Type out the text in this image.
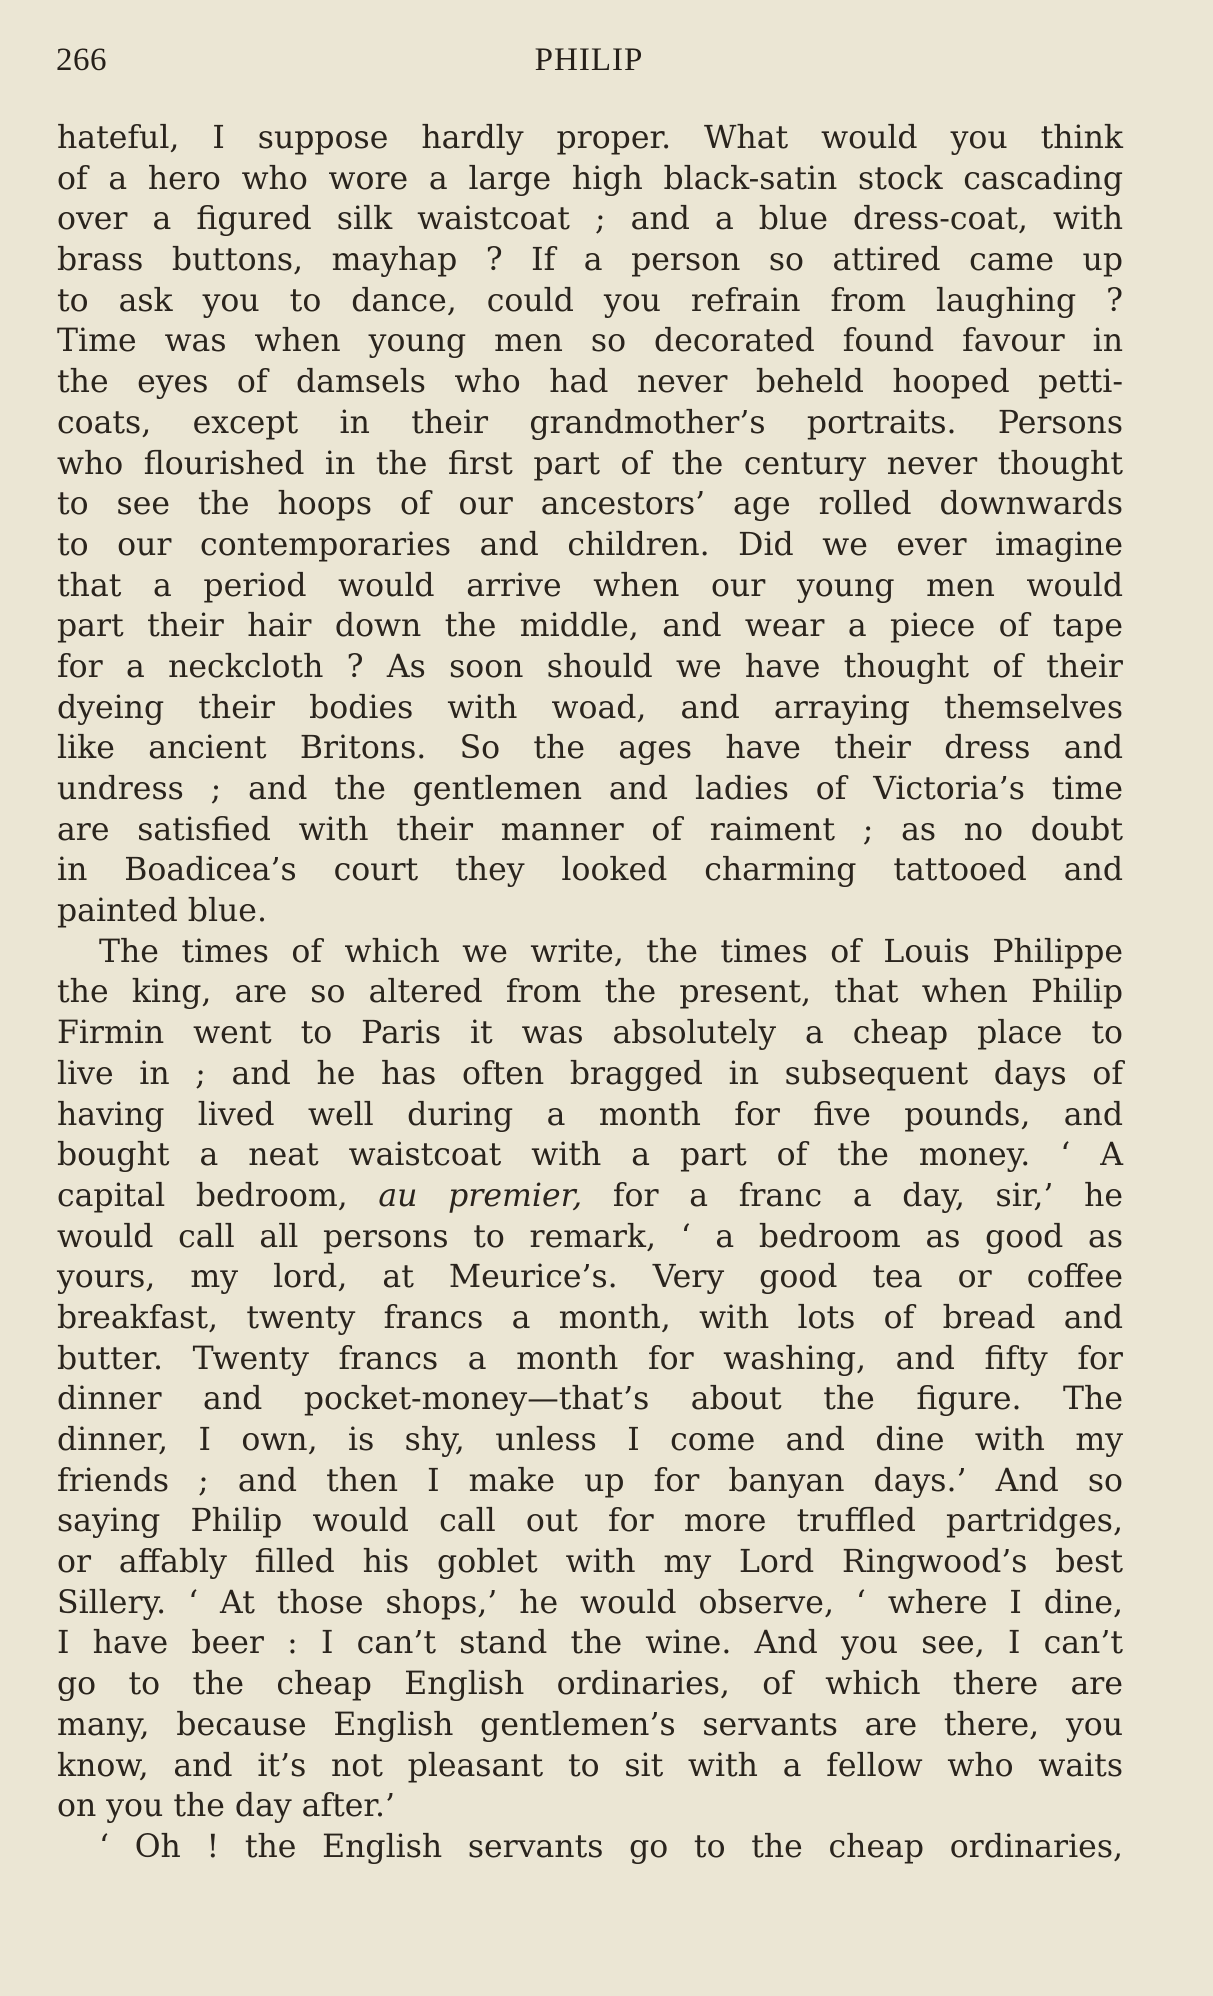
266	PHILIP
hateful, I suppose hardly proper. What would you think
of a hero who wore a large high black-satin stock cascading
over a figured silk waistcoat ; and a blue dress-coat, with
brass buttons, mayhap ? If a person so attired came up
to ask you to dance, could you refrain from laughing ?
Time was when young men so decorated found favour in
the eyes of damsels who had never beheld hooped petti-
coats, except in their grandmother’s portraits. Persons
who flourished in the first part of the century never thought
to see the hoops of our ancestors’ age rolled downwards
to our contemporaries and children. Did we ever imagine
that a period would arrive when our young men would
part their hair down the middle, and wear a piece of tape
for a neckcloth ? As soon should we have thought of their
dyeing their bodies with woad, and arraying themselves
like ancient Britons. So the ages have their dress and
undress ; and the gentlemen and ladies of Victoria’s time
are satisfied with their manner of raiment ; as no doubt
in Boadicea’s court they looked charming tattooed and
painted blue.
The times of which we write, the times of Louis Philippe
the king, are so altered from the present, that when Philip
Firmin went to Paris it was absolutely a cheap place to
live in ; and he has often bragged in subsequent days of
having lived well during a month for five pounds, and
bought a neat waistcoat with a part of the money. ‘ A
capital bedroom, au premier, for a franc a day, sir,’ he
would call all persons to remark, ‘ a bedroom as good as
yours, my lord, at Meurice’s. Very good tea or coffee
breakfast, twenty francs a month, with lots of bread and
butter. Twenty francs a month for washing, and fifty for
dinner and pocket-money—that’s about the figure. The
dinner, I own, is shy, unless I come and dine with my
friends ; and then I make up for banyan days.’ And so
saying Philip would call out for more truffled partridges,
or affably filled his goblet with my Lord Ringwood’s best
Sillery. ‘ At those shops,’ he would observe, ‘ where I dine,
I have beer : I can’t stand the wine. And you see, I can’t
go to the cheap English ordinaries, of which there are
many, because English gentlemen’s servants are there, you
know, and it’s not pleasant to sit with a fellow who waits
on you the day after.’
‘ Oh ! the English servants go to the cheap ordinaries,
